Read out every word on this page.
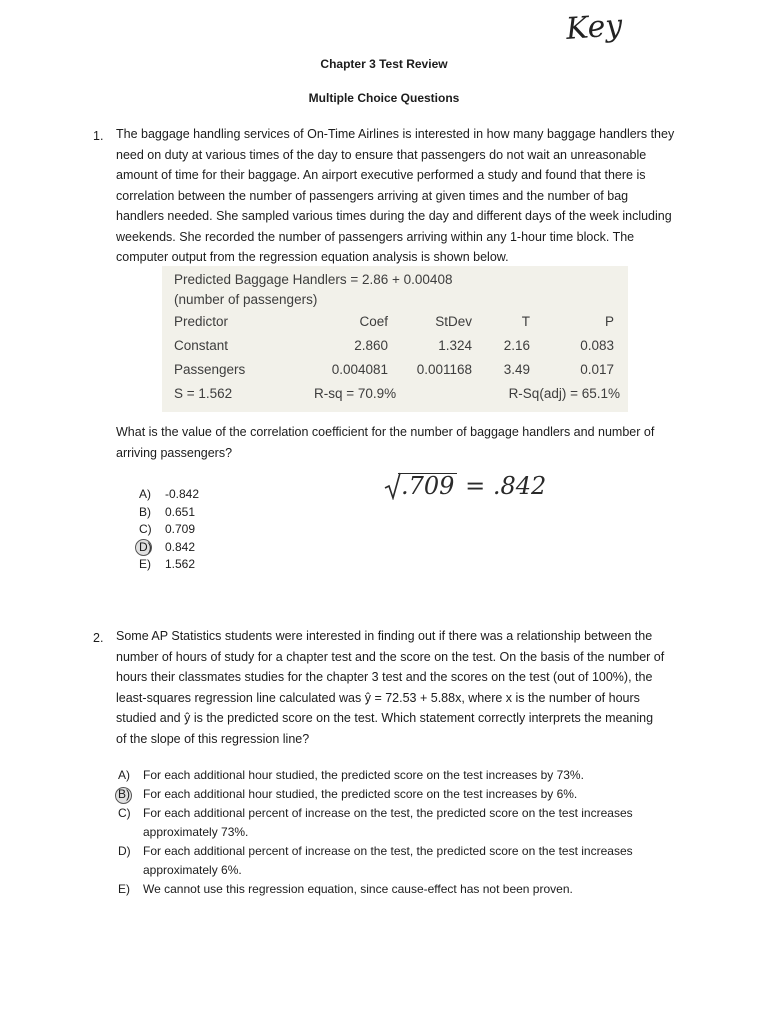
Key
Chapter 3 Test Review
Multiple Choice Questions
1. The baggage handling services of On-Time Airlines is interested in how many baggage handlers they
need on duty at various times of the day to ensure that passengers do not wait an unreasonable
amount of time for their baggage. An airport executive performed a study and found that there is
correlation between the number of passengers arriving at given times and the number of bag
handlers needed. She sampled various times during the day and different days of the week including
weekends. She recorded the number of passengers arriving within any 1-hour time block. The
computer output from the regression equation analysis is shown below.
Predicted Baggage Handlers = 2.86 + 0.00408
(number of passengers)
Predictor	Coef	StDev	T	P
Constant	2.860	1.324	2.16	0.083
Passengers	0.004081	0.001168	3.49	0.017
S = 1.562	R-sq = 70.9%	R-Sq(adj) = 65.1%
What is the value of the correlation coefficient for the number of baggage handlers and number of
arriving passengers?
A) -0.842
B) 0.651
C) 0.709
D) 0.842
E) 1.562
.709 = .842
2. Some AP Statistics students were interested in finding out if there was a relationship between the
number of hours of study for a chapter test and the score on the test. On the basis of the number of
hours their classmates studies for the chapter 3 test and the scores on the test (out of 100%), the
least-squares regression line calculated was ŷ = 72.53 + 5.88x, where x is the number of hours
studied and ŷ is the predicted score on the test. Which statement correctly interprets the meaning
of the slope of this regression line?
A) For each additional hour studied, the predicted score on the test increases by 73%.
B) For each additional hour studied, the predicted score on the test increases by 6%.
C) For each additional percent of increase on the test, the predicted score on the test increases
approximately 73%.
D) For each additional percent of increase on the test, the predicted score on the test increases
approximately 6%.
E) We cannot use this regression equation, since cause-effect has not been proven.
